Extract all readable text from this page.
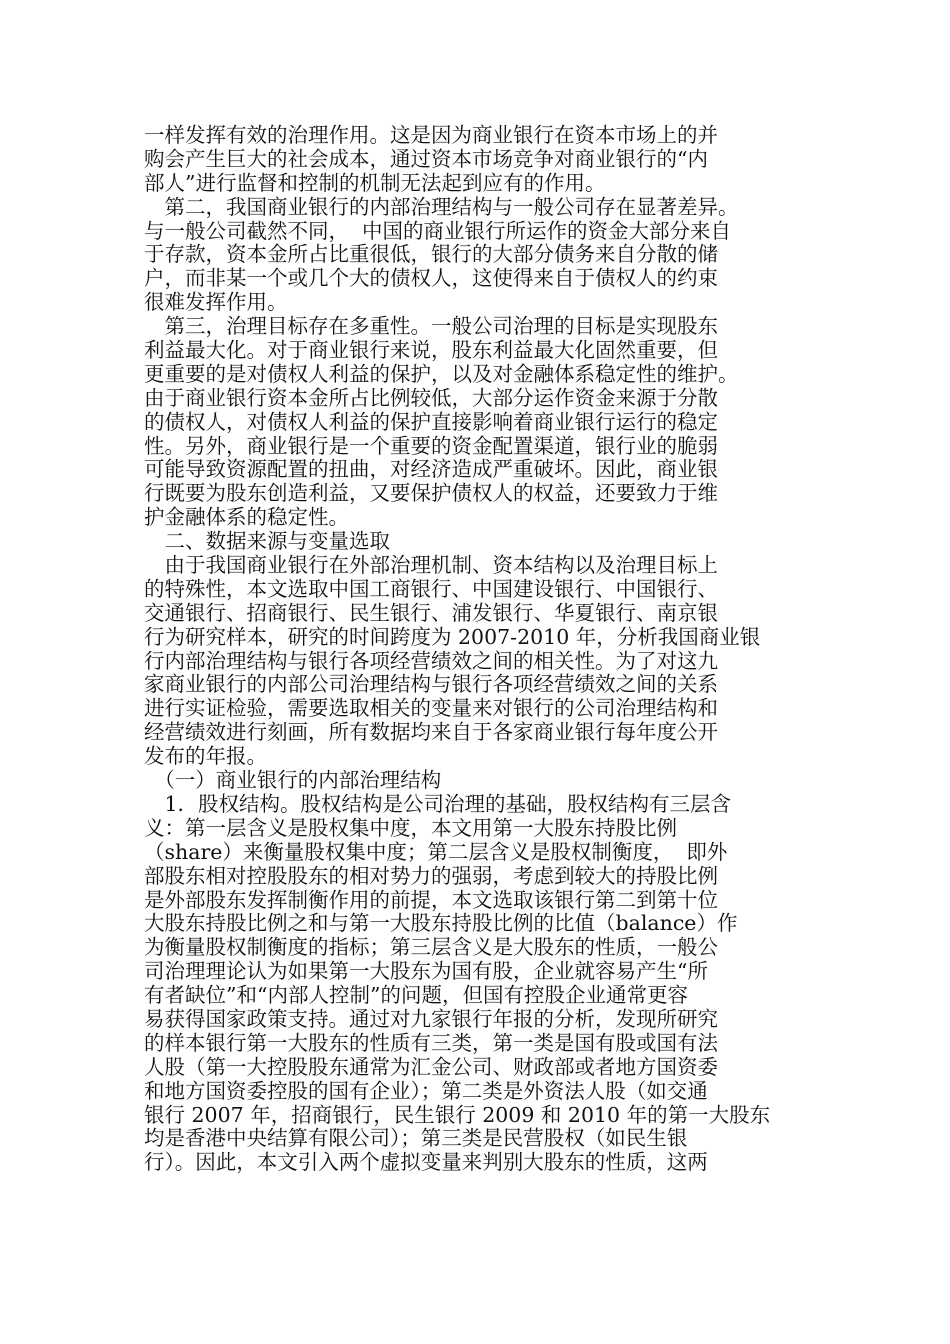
一样发挥有效的治理作用。这是因为商业银行在资本市场上的并
购会产生巨大的社会成本，通过资本市场竞争对商业银行的“内
部人”进行监督和控制的机制无法起到应有的作用。
　第二，我国商业银行的内部治理结构与一般公司存在显著差异。
与一般公司截然不同，  中国的商业银行所运作的资金大部分来自
于存款，资本金所占比重很低，银行的大部分债务来自分散的储
户，而非某一个或几个大的债权人，这使得来自于债权人的约束
很难发挥作用。
　第三，治理目标存在多重性。一般公司治理的目标是实现股东
利益最大化。对于商业银行来说，股东利益最大化固然重要，但
更重要的是对债权人利益的保护，以及对金融体系稳定性的维护。
由于商业银行资本金所占比例较低，大部分运作资金来源于分散
的债权人，对债权人利益的保护直接影响着商业银行运行的稳定
性。另外，商业银行是一个重要的资金配置渠道，银行业的脆弱
可能导致资源配置的扭曲，对经济造成严重破坏。因此，商业银
行既要为股东创造利益，又要保护债权人的权益，还要致力于维
护金融体系的稳定性。
　二、数据来源与变量选取
　由于我国商业银行在外部治理机制、资本结构以及治理目标上
的特殊性，本文选取中国工商银行、中国建设银行、中国银行、
交通银行、招商银行、民生银行、浦发银行、华夏银行、南京银
行为研究样本，研究的时间跨度为 2007-2010 年，分析我国商业银
行内部治理结构与银行各项经营绩效之间的相关性。为了对这九
家商业银行的内部公司治理结构与银行各项经营绩效之间的关系
进行实证检验，需要选取相关的变量来对银行的公司治理结构和
经营绩效进行刻画，所有数据均来自于各家商业银行每年度公开
发布的年报。
　（一）商业银行的内部治理结构
　1．股权结构。股权结构是公司治理的基础，股权结构有三层含
义：第一层含义是股权集中度，本文用第一大股东持股比例
（share）来衡量股权集中度；第二层含义是股权制衡度，  即外
部股东相对控股股东的相对势力的强弱，考虑到较大的持股比例
是外部股东发挥制衡作用的前提，本文选取该银行第二到第十位
大股东持股比例之和与第一大股东持股比例的比值（balance）作
为衡量股权制衡度的指标；第三层含义是大股东的性质，一般公
司治理理论认为如果第一大股东为国有股，企业就容易产生“所
有者缺位”和“内部人控制”的问题，但国有控股企业通常更容
易获得国家政策支持。通过对九家银行年报的分析，发现所研究
的样本银行第一大股东的性质有三类，第一类是国有股或国有法
人股（第一大控股股东通常为汇金公司、财政部或者地方国资委
和地方国资委控股的国有企业）；第二类是外资法人股（如交通
银行 2007 年，招商银行，民生银行 2009 和 2010 年的第一大股东
均是香港中央结算有限公司）；第三类是民营股权（如民生银
行）。因此，本文引入两个虚拟变量来判别大股东的性质，这两
